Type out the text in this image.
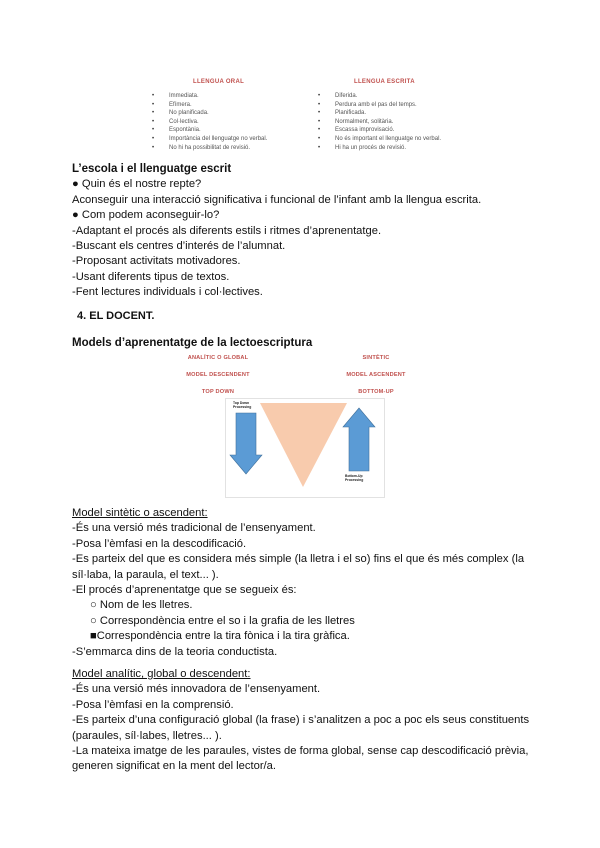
LLENGUA ORAL	LLENGUA ESCRITA
• Immediata.
• Efímera.
• No planificada.
• Col·lectiva.
• Espontània.
• Importància del llenguatge no verbal.
• No hi ha possibilitat de revisió.
• Diferida.
• Perdura amb el pas del temps.
• Planificada.
• Normalment, solitària.
• Escassa improvisació.
• No és important el llenguatge no verbal.
• Hi ha un procés de revisió.
L’escola i el llenguatge escrit
● Quin és el nostre repte?
Aconseguir una interacció significativa i funcional de l’infant amb la llengua escrita.
● Com podem aconseguir-lo?
-Adaptant el procés als diferents estils i ritmes d’aprenentatge.
-Buscant els centres d’interés de l’alumnat.
-Proposant activitats motivadores.
-Usant diferents tipus de textos.
-Fent lectures individuals i col·lectives.
4. EL DOCENT.
Models d’aprenentatge de la lectoescriptura
ANALÍTIC O GLOBAL
MODEL DESCENDENT
TOP DOWN
SINTÈTIC
MODEL ASCENDENT
BOTTOM-UP
Top Down Processing
Bottom-Up Processing
Model sintètic o ascendent:
-És una versió més tradicional de l’ensenyament.
-Posa l’èmfasi en la descodificació.
-Es parteix del que es considera més simple (la lletra i el so) fins el que és més complex (la
síl·laba, la paraula, el text... ).
-El procés d’aprenentatge que se segueix és:
○ Nom de les lletres.
○ Correspondència entre el so i la grafia de les lletres
■Correspondència entre la tira fònica i la tira gràfica.
-S’emmarca dins de la teoria conductista.
Model analític, global o descendent:
-És una versió més innovadora de l’ensenyament.
-Posa l’èmfasi en la comprensió.
-Es parteix d’una configuració global (la frase) i s’analitzen a poc a poc els seus constituents
(paraules, síl·labes, lletres... ).
-La mateixa imatge de les paraules, vistes de forma global, sense cap descodificació prèvia,
generen significat en la ment del lector/a.
